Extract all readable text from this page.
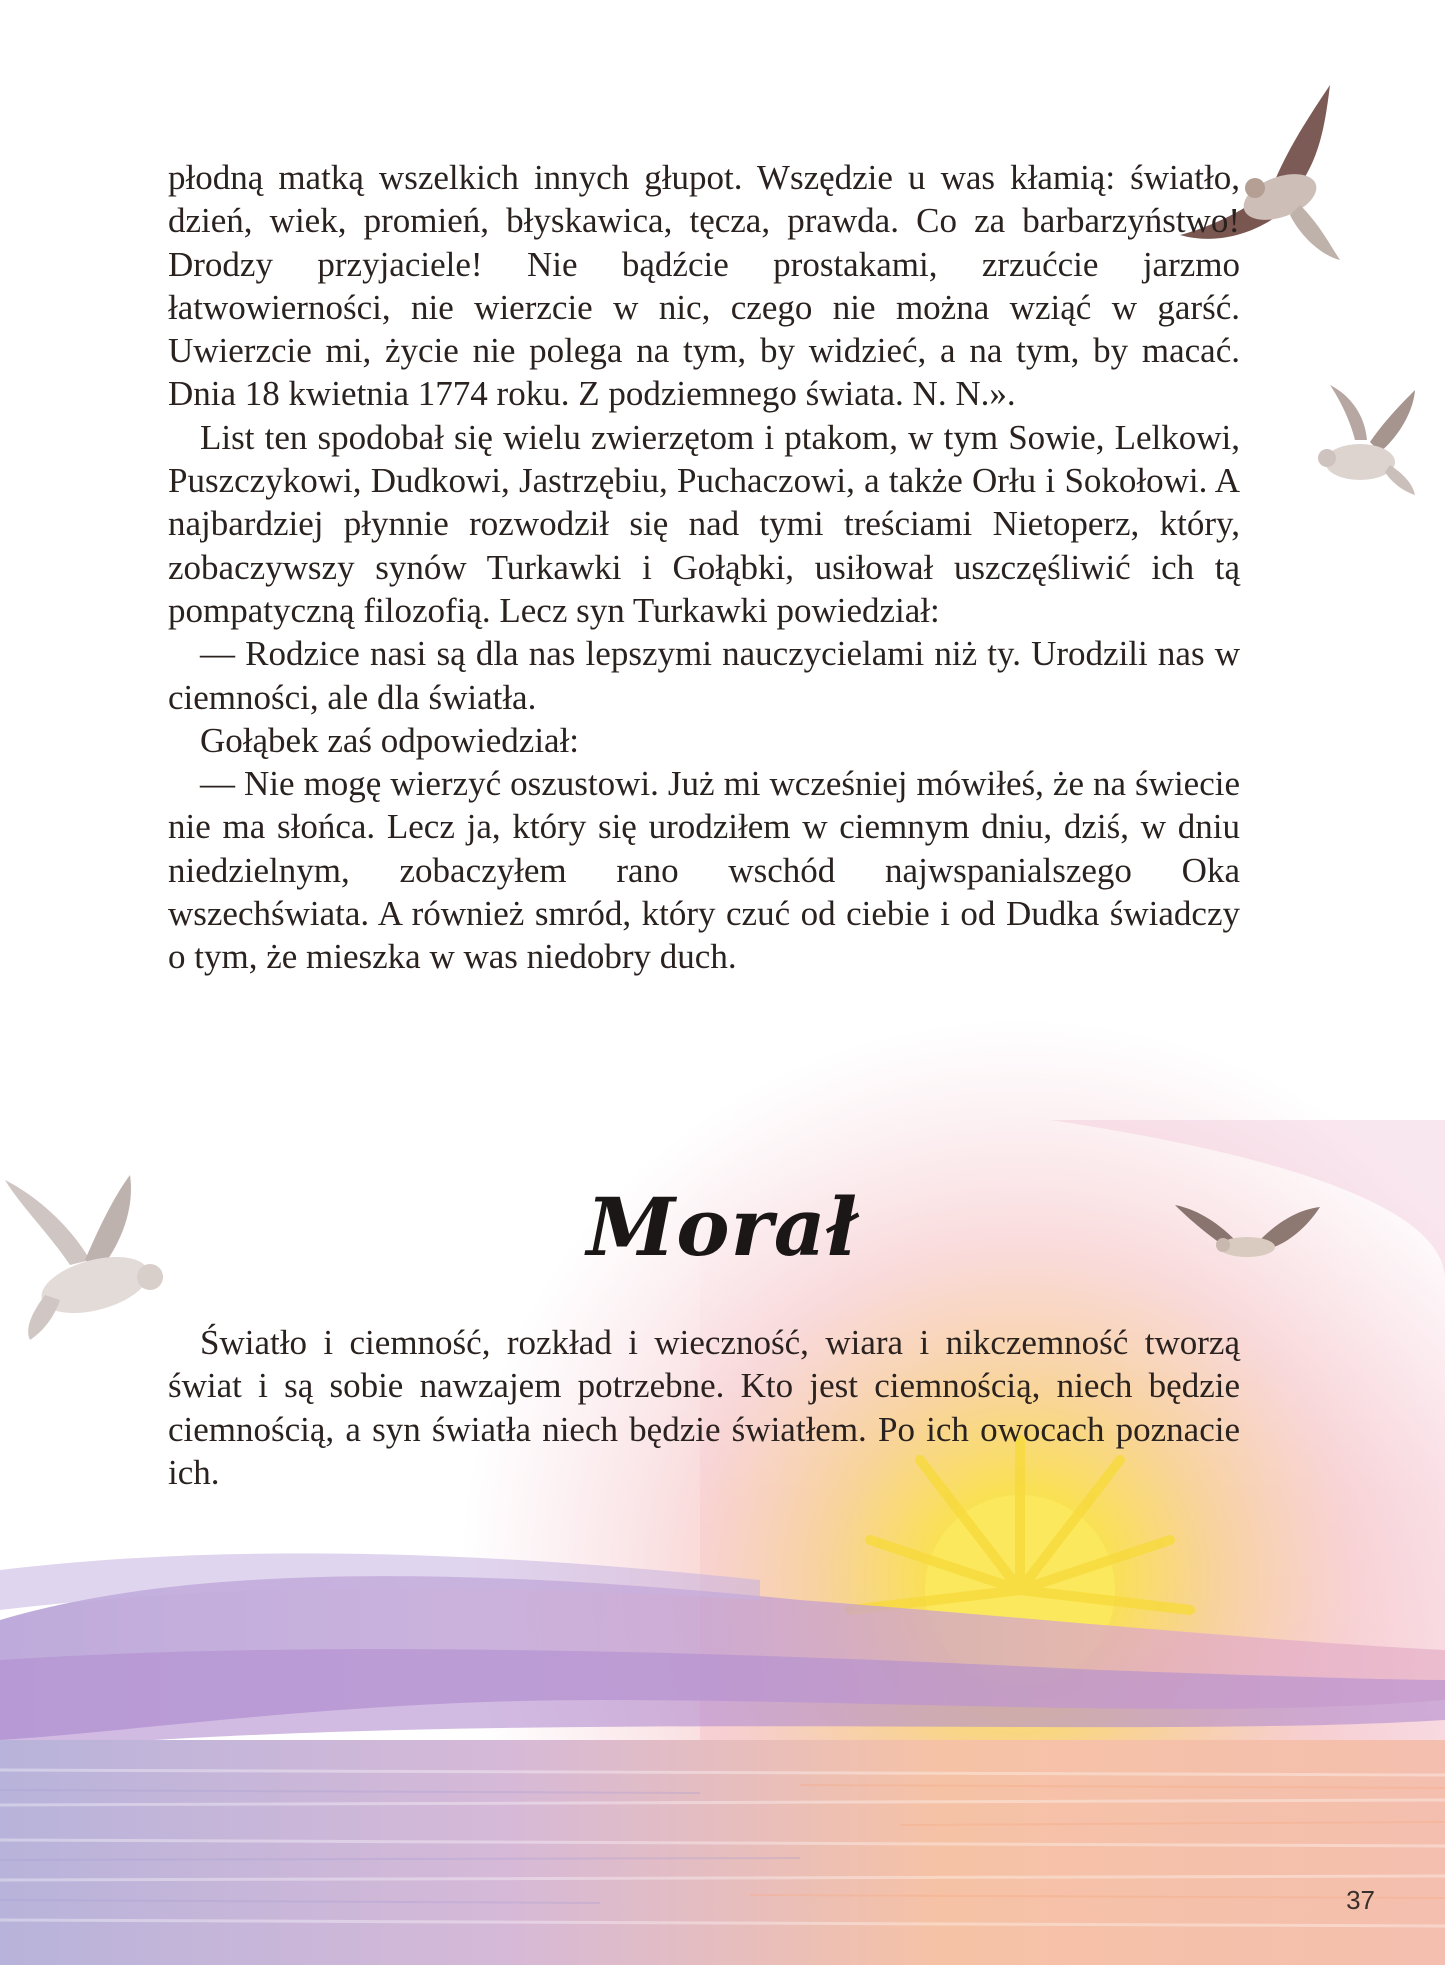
płodną matką wszelkich innych głupot. Wszędzie u was kłamią: światło, dzień, wiek, promień, błyskawica, tęcza, prawda. Co za barbarzyństwo! Drodzy przyjaciele! Nie bądźcie prostakami, zrzućcie jarzmo łatwowierności, nie wierzcie w nic, czego nie można wziąć w garść. Uwierzcie mi, życie nie polega na tym, by widzieć, a na tym, by macać. Dnia 18 kwietnia 1774 roku. Z podziemnego świata. N. N.».

List ten spodobał się wielu zwierzętom i ptakom, w tym Sowie, Lelkowi, Puszczykowi, Dudkowi, Jastrzębiu, Puchaczowi, a także Orłu i Sokołowi. A najbardziej płynnie rozwodził się nad tymi treściami Nietoperz, który, zobaczywszy synów Turkawki i Gołąbki, usiłował uszczęśliwić ich tą pompatyczną filozofią. Lecz syn Turkawki powiedział:

— Rodzice nasi są dla nas lepszymi nauczycielami niż ty. Urodzili nas w ciemności, ale dla światła.

Gołąbek zaś odpowiedział:

— Nie mogę wierzyć oszustowi. Już mi wcześniej mówiłeś, że na świecie nie ma słońca. Lecz ja, który się urodziłem w ciemnym dniu, dziś, w dniu niedzielnym, zobaczyłem rano wschód najwspanialszego Oka wszechświata. A również smród, który czuć od ciebie i od Dudka świadczy o tym, że mieszka w was niedobry duch.

Morał

Światło i ciemność, rozkład i wieczność, wiara i nikczemność tworzą świat i są sobie nawzajem potrzebne. Kto jest ciemnością, niech będzie ciemnością, a syn światła niech będzie światłem. Po ich owocach poznacie ich.

37
